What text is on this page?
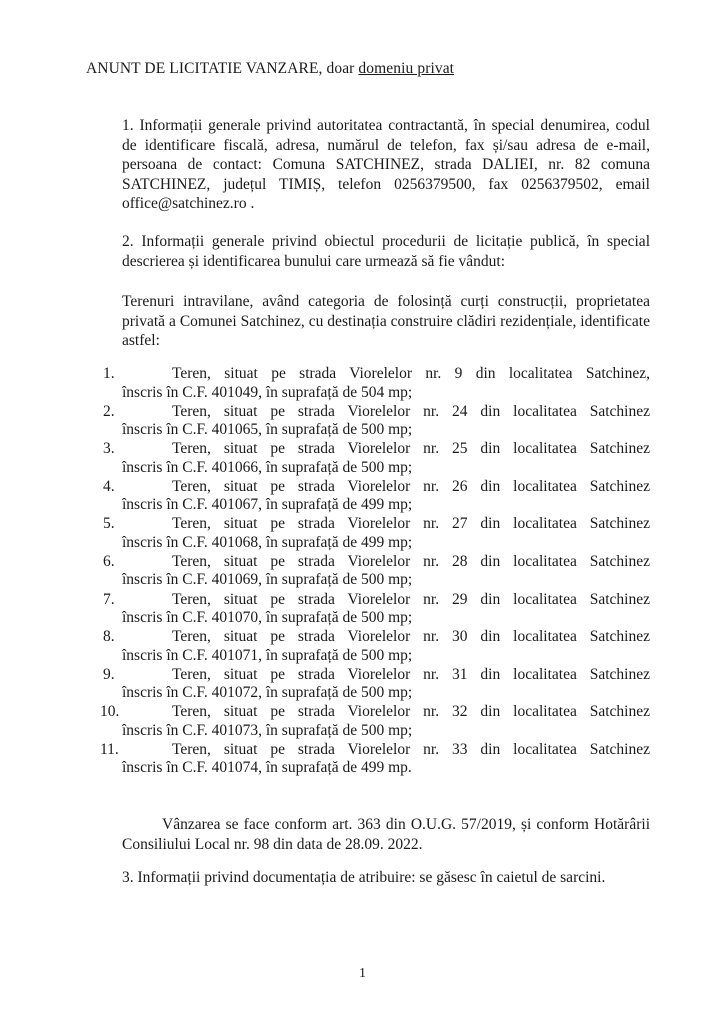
ANUNT DE LICITATIE VANZARE, doar domeniu privat
1. Informații generale privind autoritatea contractantă, în special denumirea, codul de identificare fiscală, adresa, numărul de telefon, fax și/sau adresa de e-mail, persoana de contact: Comuna SATCHINEZ, strada DALIEI, nr. 82 comuna SATCHINEZ, județul TIMIȘ, telefon 0256379500, fax 0256379502, email office@satchinez.ro .
2. Informații generale privind obiectul procedurii de licitație publică, în special descrierea și identificarea bunului care urmează să fie vândut:
Terenuri intravilane, având categoria de folosință curți construcții, proprietatea privată a Comunei Satchinez, cu destinația construire clădiri rezidențiale, identificate astfel:
1.	Teren, situat pe strada Viorelelor nr. 9 din localitatea Satchinez,
înscris în C.F. 401049, în suprafață de 504 mp;
2.	Teren, situat pe strada Viorelelor nr. 24 din localitatea Satchinez
înscris în C.F. 401065, în suprafață de 500 mp;
3.	Teren, situat pe strada Viorelelor nr. 25 din localitatea Satchinez
înscris în C.F. 401066, în suprafață de 500 mp;
4.	Teren, situat pe strada Viorelelor nr. 26 din localitatea Satchinez
înscris în C.F. 401067, în suprafață de 499 mp;
5.	Teren, situat pe strada Viorelelor nr. 27 din localitatea Satchinez
înscris în C.F. 401068, în suprafață de 499 mp;
6.	Teren, situat pe strada Viorelelor nr. 28 din localitatea Satchinez
înscris în C.F. 401069, în suprafață de 500 mp;
7.	Teren, situat pe strada Viorelelor nr. 29 din localitatea Satchinez
înscris în C.F. 401070, în suprafață de 500 mp;
8.	Teren, situat pe strada Viorelelor nr. 30 din localitatea Satchinez
înscris în C.F. 401071, în suprafață de 500 mp;
9.	Teren, situat pe strada Viorelelor nr. 31 din localitatea Satchinez
înscris în C.F. 401072, în suprafață de 500 mp;
10.	Teren, situat pe strada Viorelelor nr. 32 din localitatea Satchinez
înscris în C.F. 401073, în suprafață de 500 mp;
11.	Teren, situat pe strada Viorelelor nr. 33 din localitatea Satchinez
înscris în C.F. 401074, în suprafață de 499 mp.
Vânzarea se face conform art. 363 din O.U.G. 57/2019, și conform Hotărârii Consiliului Local nr. 98 din data de 28.09. 2022.
3. Informații privind documentația de atribuire: se găsesc în caietul de sarcini.
1
